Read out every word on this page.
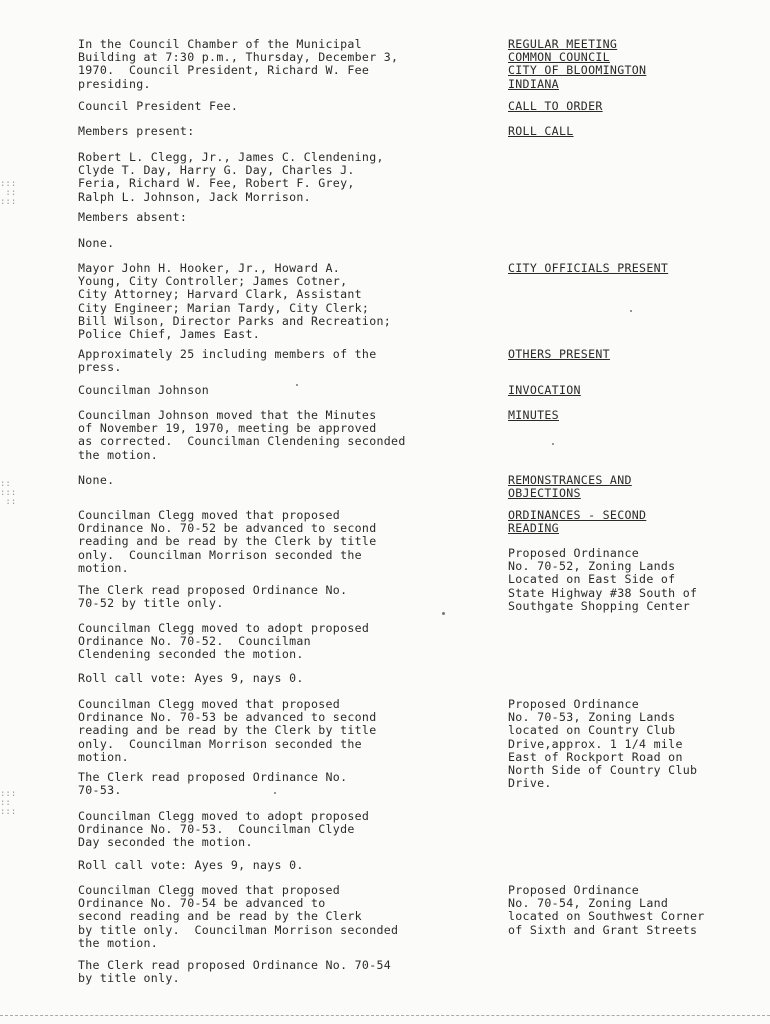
In the Council Chamber of the Municipal
Building at 7:30 p.m., Thursday, December 3,
1970.  Council President, Richard W. Fee
presiding.
Council President Fee.
Members present:
Robert L. Clegg, Jr., James C. Clendening,
Clyde T. Day, Harry G. Day, Charles J.
Feria, Richard W. Fee, Robert F. Grey,
Ralph L. Johnson, Jack Morrison.
Members absent:
None.
Mayor John H. Hooker, Jr., Howard A.
Young, City Controller; James Cotner,
City Attorney; Harvard Clark, Assistant
City Engineer; Marian Tardy, City Clerk;
Bill Wilson, Director Parks and Recreation;
Police Chief, James East.
Approximately 25 including members of the
press.
Councilman Johnson
Councilman Johnson moved that the Minutes
of November 19, 1970, meeting be approved
as corrected.  Councilman Clendening seconded
the motion.
None.
Councilman Clegg moved that proposed
Ordinance No. 70-52 be advanced to second
reading and be read by the Clerk by title
only.  Councilman Morrison seconded the
motion.
The Clerk read proposed Ordinance No.
70-52 by title only.
Councilman Clegg moved to adopt proposed
Ordinance No. 70-52.  Councilman
Clendening seconded the motion.
Roll call vote: Ayes 9, nays 0.
Councilman Clegg moved that proposed
Ordinance No. 70-53 be advanced to second
reading and be read by the Clerk by title
only.  Councilman Morrison seconded the
motion.
The Clerk read proposed Ordinance No.
70-53.
Councilman Clegg moved to adopt proposed
Ordinance No. 70-53.  Councilman Clyde
Day seconded the motion.
Roll call vote: Ayes 9, nays 0.
Councilman Clegg moved that proposed
Ordinance No. 70-54 be advanced to
second reading and be read by the Clerk
by title only.  Councilman Morrison seconded
the motion.
The Clerk read proposed Ordinance No. 70-54
by title only.
REGULAR MEETING
COMMON COUNCIL
CITY OF BLOOMINGTON
INDIANA
CALL TO ORDER
ROLL CALL
CITY OFFICIALS PRESENT
OTHERS PRESENT
INVOCATION
MINUTES
REMONSTRANCES AND
OBJECTIONS
ORDINANCES - SECOND
READING
Proposed Ordinance
No. 70-52, Zoning Lands
Located on East Side of
State Highway #38 South of
Southgate Shopping Center
Proposed Ordinance
No. 70-53, Zoning Lands
located on Country Club
Drive,approx. 1 1/4 mile
East of Rockport Road on
North Side of Country Club
Drive.
Proposed Ordinance
No. 70-54, Zoning Land
located on Southwest Corner
of Sixth and Grant Streets
:::
::
:::
::
:::
::
:::
::
:::
